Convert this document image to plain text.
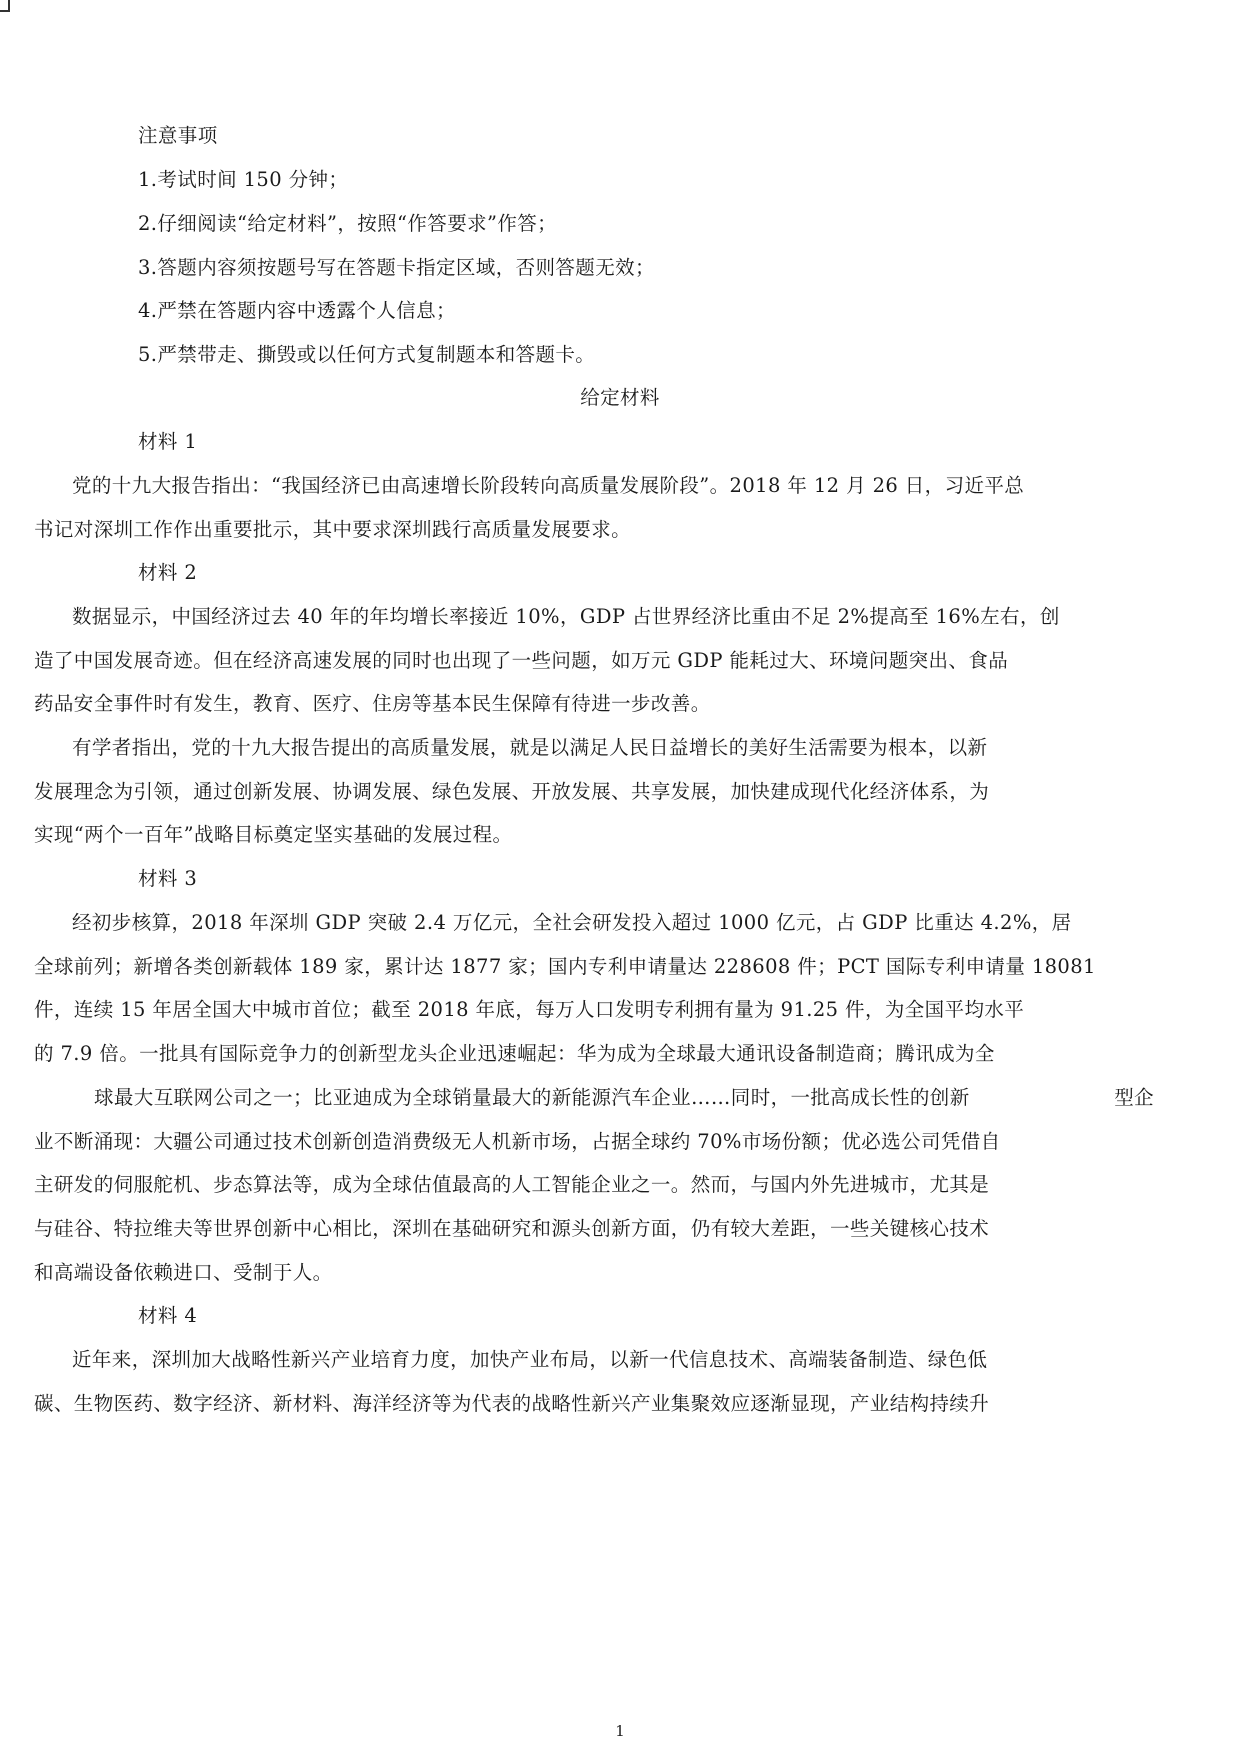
注意事项
1.考试时间 150 分钟；
2.仔细阅读“给定材料”，按照“作答要求”作答；
3.答题内容须按题号写在答题卡指定区域，否则答题无效；
4.严禁在答题内容中透露个人信息；
5.严禁带走、撕毁或以任何方式复制题本和答题卡。
给定材料
材料 1
党的十九大报告指出：“我国经济已由高速增长阶段转向高质量发展阶段”。2018 年 12 月 26 日，习近平总
书记对深圳工作作出重要批示，其中要求深圳践行高质量发展要求。
材料 2
数据显示，中国经济过去 40 年的年均增长率接近 10%，GDP 占世界经济比重由不足 2%提高至 16%左右，创
造了中国发展奇迹。但在经济高速发展的同时也出现了一些问题，如万元 GDP 能耗过大、环境问题突出、食品
药品安全事件时有发生，教育、医疗、住房等基本民生保障有待进一步改善。
有学者指出，党的十九大报告提出的高质量发展，就是以满足人民日益增长的美好生活需要为根本，以新
发展理念为引领，通过创新发展、协调发展、绿色发展、开放发展、共享发展，加快建成现代化经济体系，为
实现“两个一百年”战略目标奠定坚实基础的发展过程。
材料 3
经初步核算，2018 年深圳 GDP 突破 2.4 万亿元，全社会研发投入超过 1000 亿元，占 GDP 比重达 4.2%，居
全球前列；新增各类创新载体 189 家，累计达 1877 家；国内专利申请量达 228608 件；PCT 国际专利申请量 18081
件，连续 15 年居全国大中城市首位；截至 2018 年底，每万人口发明专利拥有量为 91.25 件，为全国平均水平
的 7.9 倍。一批具有国际竞争力的创新型龙头企业迅速崛起：华为成为全球最大通讯设备制造商；腾讯成为全
球最大互联网公司之一；比亚迪成为全球销量最大的新能源汽车企业……同时，一批高成长性的创新	型企
业不断涌现：大疆公司通过技术创新创造消费级无人机新市场，占据全球约 70%市场份额；优必选公司凭借自
主研发的伺服舵机、步态算法等，成为全球估值最高的人工智能企业之一。然而，与国内外先进城市，尤其是
与硅谷、特拉维夫等世界创新中心相比，深圳在基础研究和源头创新方面，仍有较大差距，一些关键核心技术
和高端设备依赖进口、受制于人。
材料 4
近年来，深圳加大战略性新兴产业培育力度，加快产业布局，以新一代信息技术、高端装备制造、绿色低
碳、生物医药、数字经济、新材料、海洋经济等为代表的战略性新兴产业集聚效应逐渐显现，产业结构持续升
1
